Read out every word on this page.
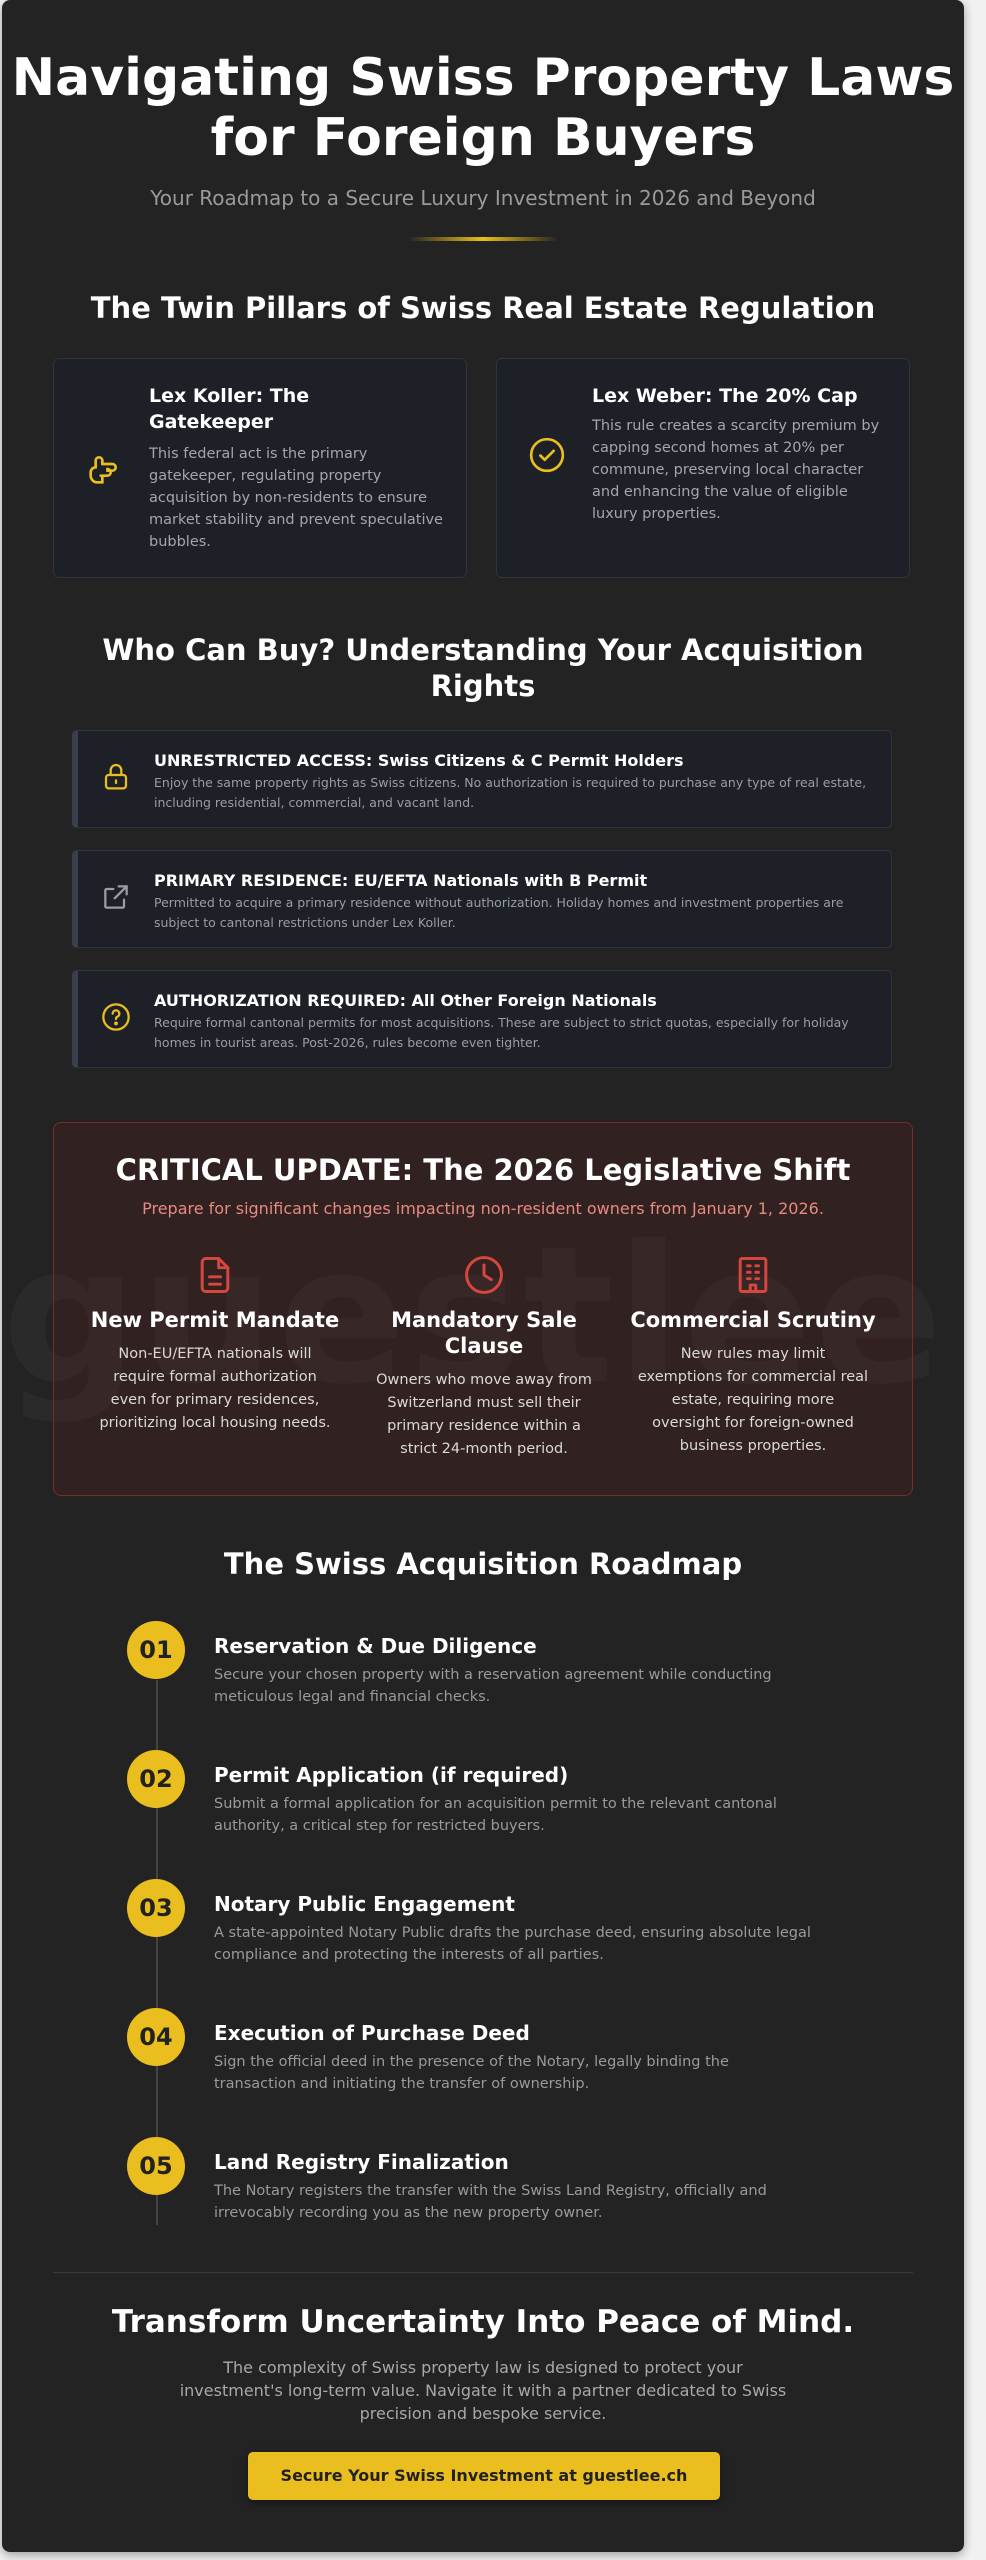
Navigating Swiss Property Laws
for Foreign Buyers
Your Roadmap to a Secure Luxury Investment in 2026 and Beyond
The Twin Pillars of Swiss Real Estate Regulation
Lex Koller: The
Gatekeeper

This federal act is the primary gatekeeper, regulating property acquisition by non-residents to ensure market stability and prevent speculative bubbles.

Lex Weber: The 20% Cap

This rule creates a scarcity premium by capping second homes at 20% per commune, preserving local character and enhancing the value of eligible luxury properties.

Who Can Buy? Understanding Your Acquisition
Rights
UNRESTRICTED ACCESS: Swiss Citizens & C Permit Holders

Enjoy the same property rights as Swiss citizens. No authorization is required to purchase any type of real estate, including residential, commercial, and vacant land.

PRIMARY RESIDENCE: EU/EFTA Nationals with B Permit

Permitted to acquire a primary residence without authorization. Holiday homes and investment properties are subject to cantonal restrictions under Lex Koller.

AUTHORIZATION REQUIRED: All Other Foreign Nationals

Require formal cantonal permits for most acquisitions. These are subject to strict quotas, especially for holiday homes in tourist areas. Post-2026, rules become even tighter.

CRITICAL UPDATE: The 2026 Legislative Shift
Prepare for significant changes impacting non-resident owners from January 1, 2026.
New Permit Mandate

Non-EU/EFTA nationals will require formal authorization even for primary residences, prioritizing local housing needs.

Mandatory Sale
Clause

Owners who move away from Switzerland must sell their primary residence within a strict 24-month period.

Commercial Scrutiny

New rules may limit exemptions for commercial real estate, requiring more oversight for foreign-owned business properties.

The Swiss Acquisition Roadmap
01	Reservation & Due Diligence

Secure your chosen property with a reservation agreement while conducting meticulous legal and financial checks.

02	Permit Application (if required)

Submit a formal application for an acquisition permit to the relevant cantonal authority, a critical step for restricted buyers.

03	Notary Public Engagement

A state-appointed Notary Public drafts the purchase deed, ensuring absolute legal compliance and protecting the interests of all parties.

04	Execution of Purchase Deed

Sign the official deed in the presence of the Notary, legally binding the transaction and initiating the transfer of ownership.

05	Land Registry Finalization

The Notary registers the transfer with the Swiss Land Registry, officially and irrevocably recording you as the new property owner.

Transform Uncertainty Into Peace of Mind.

The complexity of Swiss property law is designed to protect your investment's long-term value. Navigate it with a partner dedicated to Swiss precision and bespoke service.

Secure Your Swiss Investment at guestlee.ch
